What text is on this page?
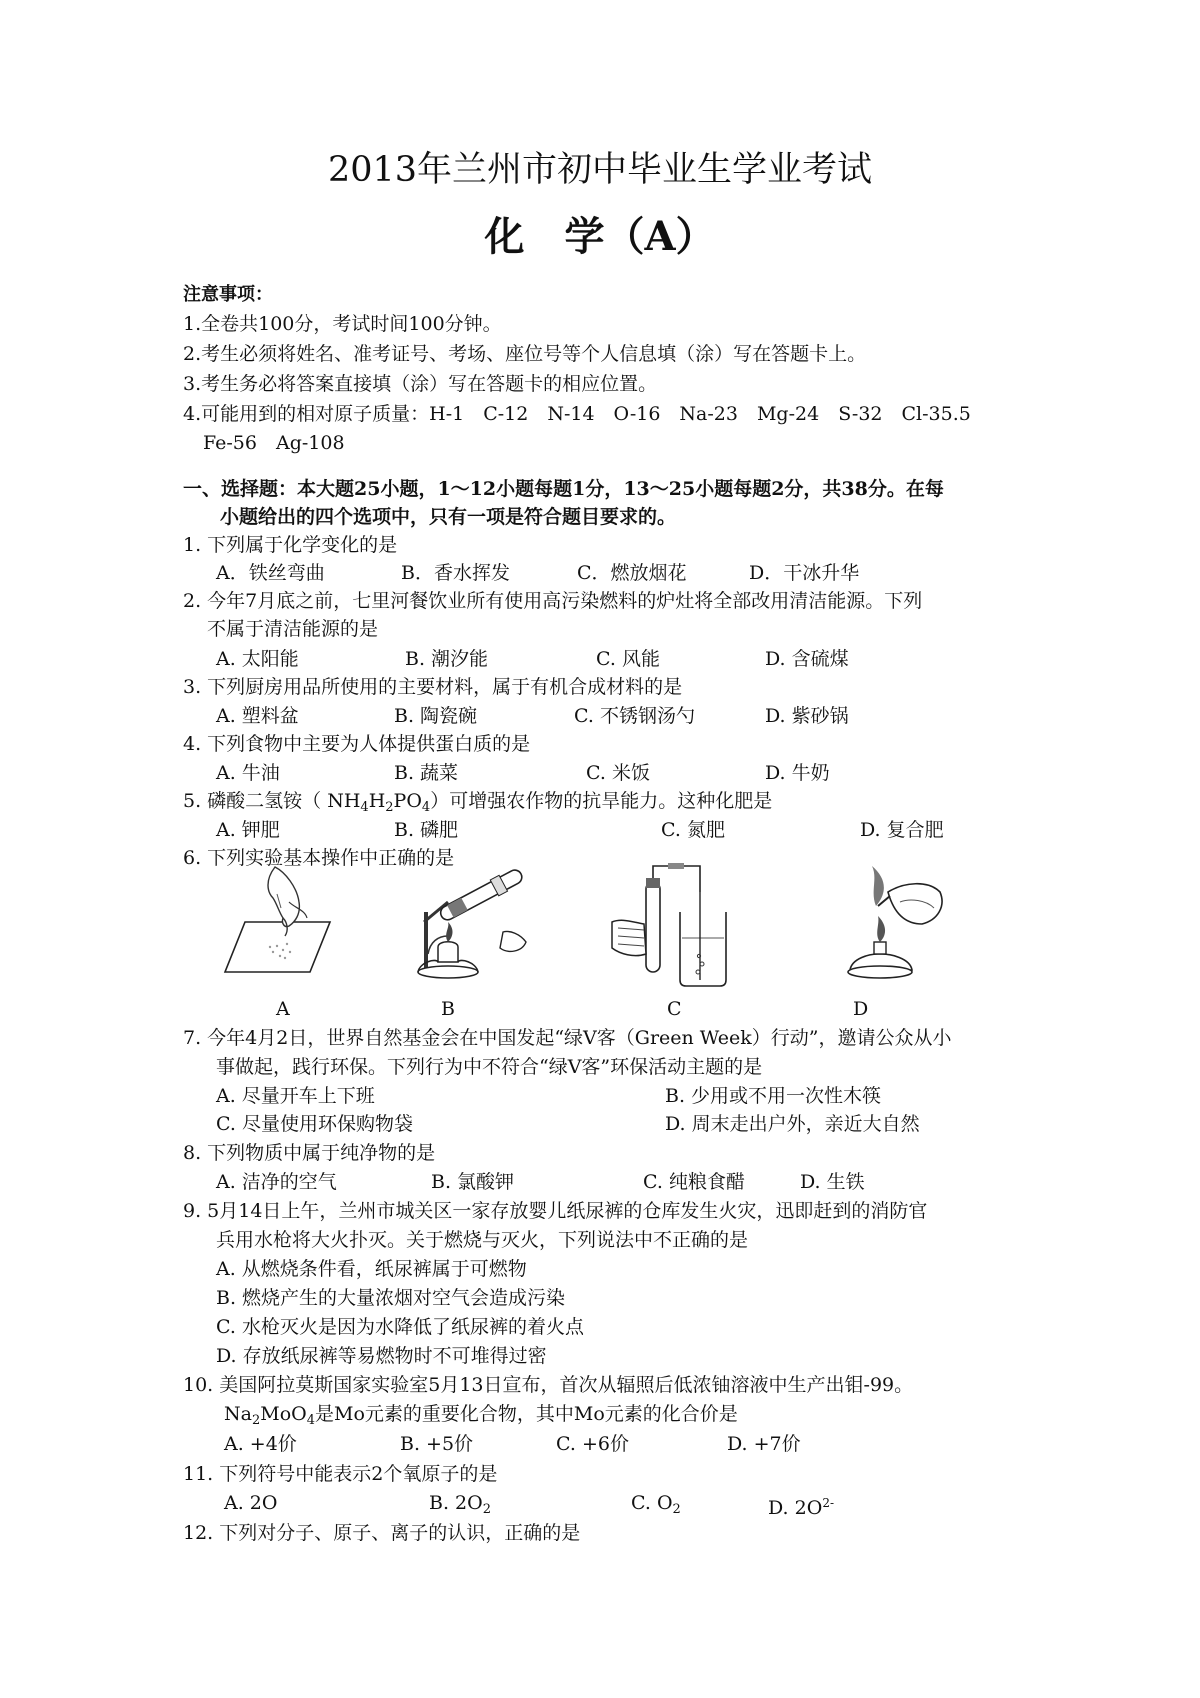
2013年兰州市初中毕业生学业考试
化　学（A）
注意事项：
1.全卷共100分，考试时间100分钟。
2.考生必须将姓名、准考证号、考场、座位号等个人信息填（涂）写在答题卡上。
3.考生务必将答案直接填（涂）写在答题卡的相应位置。
4.可能用到的相对原子质量：H-1　C-12　N-14　O-16　Na-23　Mg-24　S-32　Cl-35.5
Fe-56　Ag-108
一、选择题：本大题25小题，1～12小题每题1分，13～25小题每题2分，共38分。在每
小题给出的四个选项中，只有一项是符合题目要求的。
1. 下列属于化学变化的是
A．铁丝弯曲	B．香水挥发	C．燃放烟花	D．干冰升华
2. 今年7月底之前，七里河餐饮业所有使用高污染燃料的炉灶将全部改用清洁能源。下列
不属于清洁能源的是
A. 太阳能	B. 潮汐能	C. 风能	D. 含硫煤
3. 下列厨房用品所使用的主要材料，属于有机合成材料的是
A. 塑料盆	B. 陶瓷碗	C. 不锈钢汤勺	D. 紫砂锅
4. 下列食物中主要为人体提供蛋白质的是
A. 牛油	B. 蔬菜	C. 米饭	D. 牛奶
5. 磷酸二氢铵（ $NH_4H_2PO_4$）可增强农作物的抗旱能力。这种化肥是
A. 钾肥	B. 磷肥	C. 氮肥	D. 复合肥
6. 下列实验基本操作中正确的是
A	B	C	D
7. 今年4月2日，世界自然基金会在中国发起“绿V客（Green Week）行动”，邀请公众从小
事做起，践行环保。下列行为中不符合“绿V客”环保活动主题的是
A. 尽量开车上下班	B. 少用或不用一次性木筷
C. 尽量使用环保购物袋	D. 周末走出户外，亲近大自然
8. 下列物质中属于纯净物的是
A. 洁净的空气	B. 氯酸钾	C. 纯粮食醋	D. 生铁
9. 5月14日上午，兰州市城关区一家存放婴儿纸尿裤的仓库发生火灾，迅即赶到的消防官
兵用水枪将大火扑灭。关于燃烧与灭火，下列说法中不正确的是
A. 从燃烧条件看，纸尿裤属于可燃物
B. 燃烧产生的大量浓烟对空气会造成污染
C. 水枪灭火是因为水降低了纸尿裤的着火点
D. 存放纸尿裤等易燃物时不可堆得过密
10. 美国阿拉莫斯国家实验室5月13日宣布，首次从辐照后低浓铀溶液中生产出钼-99。
$Na_2MoO_4$是Mo元素的重要化合物，其中Mo元素的化合价是
A. +4价	B. +5价	C. +6价	D. +7价
11. 下列符号中能表示2个氧原子的是
A. 2O	B. $2O_2$	C. $O_2$	D. $2O^{2-}$
12. 下列对分子、原子、离子的认识，正确的是
